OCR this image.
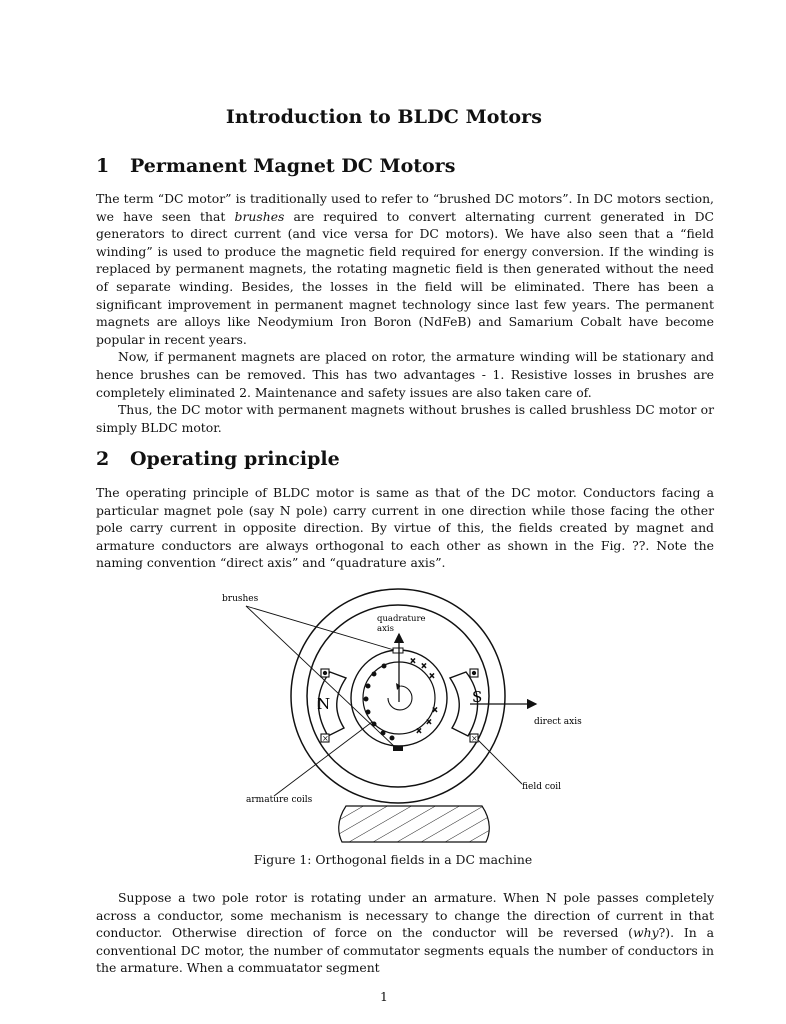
Introduction to BLDC Motors
1 Permanent Magnet DC Motors

The term “DC motor” is traditionally used to refer to “brushed DC motors”. In DC motors section, we have seen that brushes are required to convert alternating current generated in DC generators to direct current (and vice versa for DC motors). We have also seen that a “field winding” is used to produce the magnetic field required for energy conversion. If the winding is replaced by permanent magnets, the rotating magnetic field is then generated without the need of separate winding. Besides, the losses in the field will be eliminated. There has been a significant improvement in permanent magnet technology since last few years. The permanent magnets are alloys like Neodymium Iron Boron (NdFeB) and Samarium Cobalt have become popular in recent years.

Now, if permanent magnets are placed on rotor, the armature winding will be stationary and hence brushes can be removed. This has two advantages - 1. Resistive losses in brushes are completely eliminated 2. Maintenance and safety issues are also taken care of.

Thus, the DC motor with permanent magnets without brushes is called brushless DC motor or simply BLDC motor.

2 Operating principle

The operating principle of BLDC motor is same as that of the DC motor. Conductors facing a particular magnet pole (say N pole) carry current in one direction while those facing the other pole carry current in opposite direction. By virtue of this, the fields created by magnet and armature conductors are always orthogonal to each other as shown in the Fig. ??. Note the naming convention “direct axis” and “quadrature axis”.

×
×
×
×
×
×
×	×
brushes
quadrature
axis
N	S
direct axis
field coil
armature coils
Figure 1: Orthogonal fields in a DC machine

Suppose a two pole rotor is rotating under an armature. When N pole passes completely across a conductor, some mechanism is necessary to change the direction of current in that conductor. Otherwise direction of force on the conductor will be reversed (why?). In a conventional DC motor, the number of commutator segments equals the number of conductors in the armature. When a commuatator segment

1
